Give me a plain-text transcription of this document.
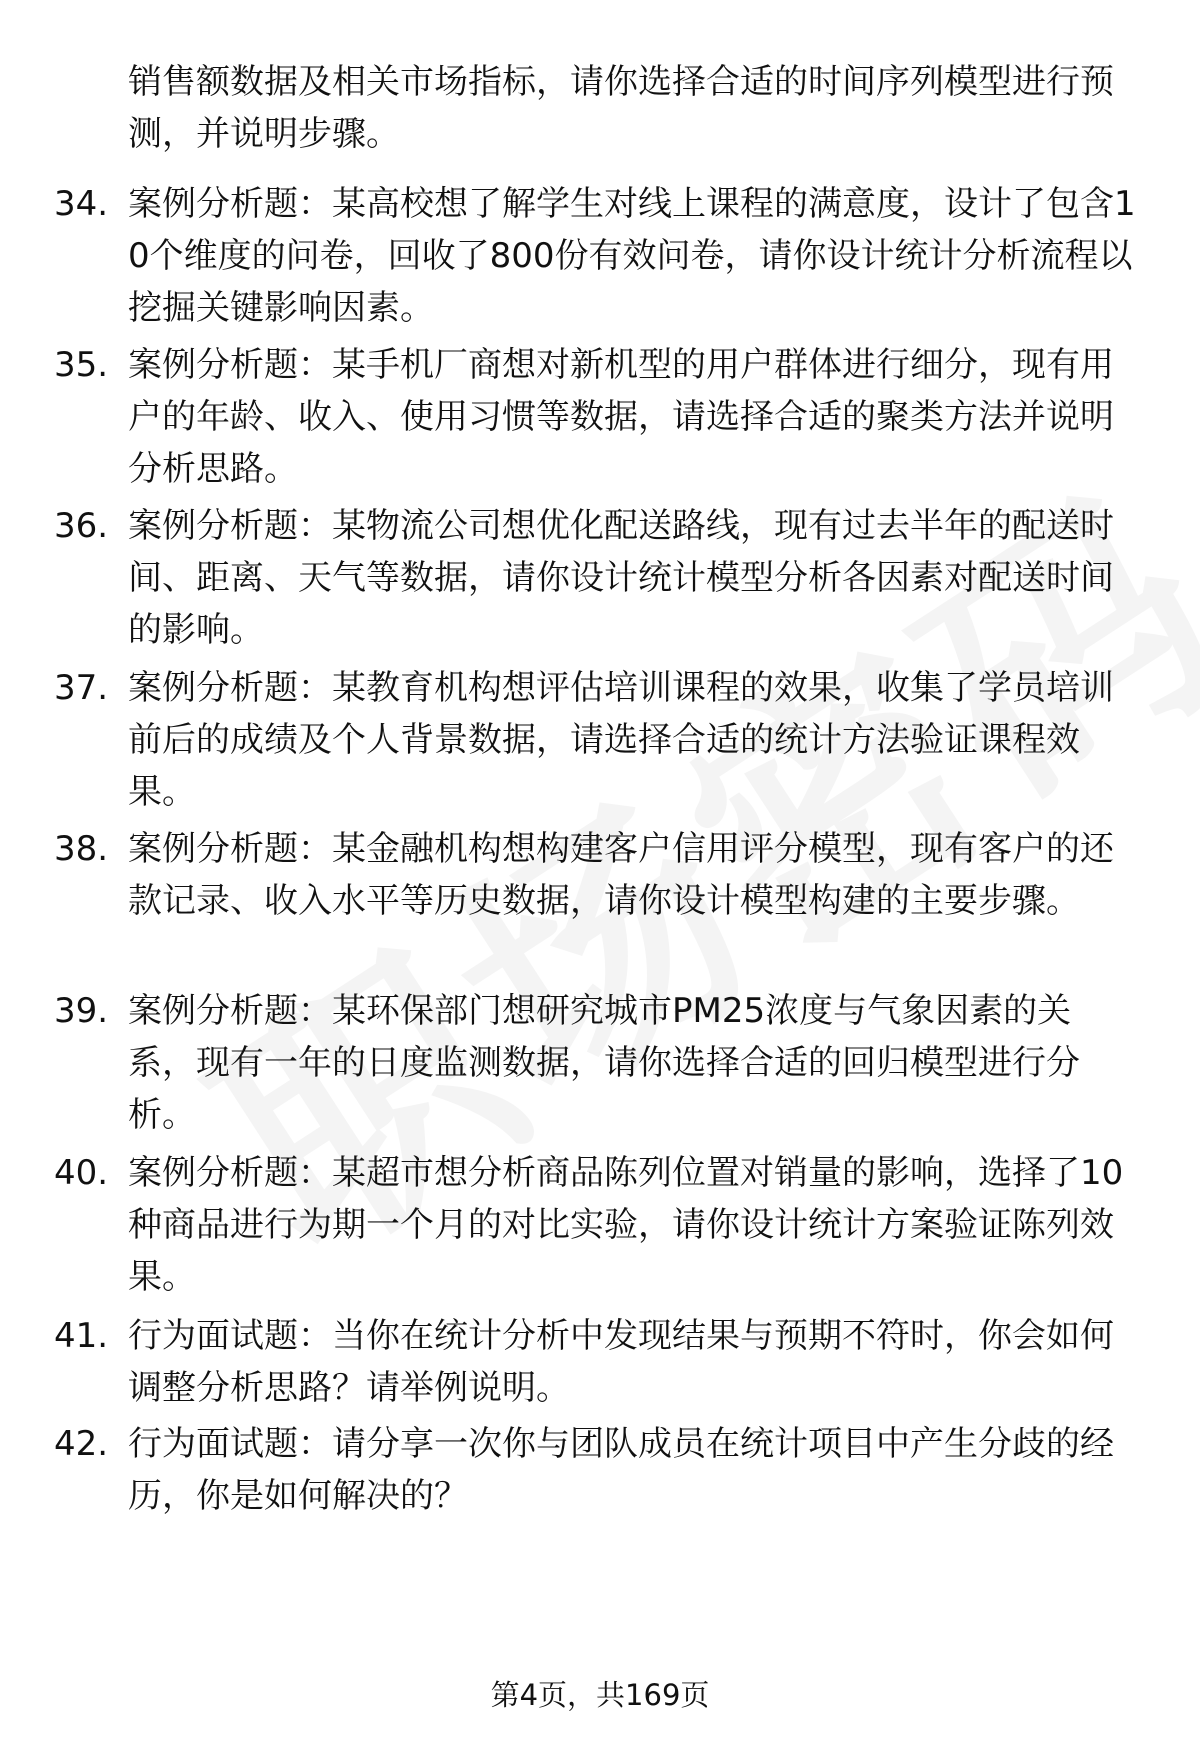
销售额数据及相关市场指标，请你选择合适的时间序列模型进行预测，并说明步骤。
34. 案例分析题：某高校想了解学生对线上课程的满意度，设计了包含10个维度的问卷，回收了800份有效问卷，请你设计统计分析流程以挖掘关键影响因素。
35. 案例分析题：某手机厂商想对新机型的用户群体进行细分，现有用户的年龄、收入、使用习惯等数据，请选择合适的聚类方法并说明分析思路。
36. 案例分析题：某物流公司想优化配送路线，现有过去半年的配送时间、距离、天气等数据，请你设计统计模型分析各因素对配送时间的影响。
37. 案例分析题：某教育机构想评估培训课程的效果，收集了学员培训前后的成绩及个人背景数据，请选择合适的统计方法验证课程效果。
38. 案例分析题：某金融机构想构建客户信用评分模型，现有客户的还款记录、收入水平等历史数据，请你设计模型构建的主要步骤。
39. 案例分析题：某环保部门想研究城市PM25浓度与气象因素的关系，现有一年的日度监测数据，请你选择合适的回归模型进行分析。
40. 案例分析题：某超市想分析商品陈列位置对销量的影响，选择了10种商品进行为期一个月的对比实验，请你设计统计方案验证陈列效果。
41. 行为面试题：当你在统计分析中发现结果与预期不符时，你会如何调整分析思路？请举例说明。
42. 行为面试题：请分享一次你与团队成员在统计项目中产生分歧的经历，你是如何解决的？
第4页，共169页
